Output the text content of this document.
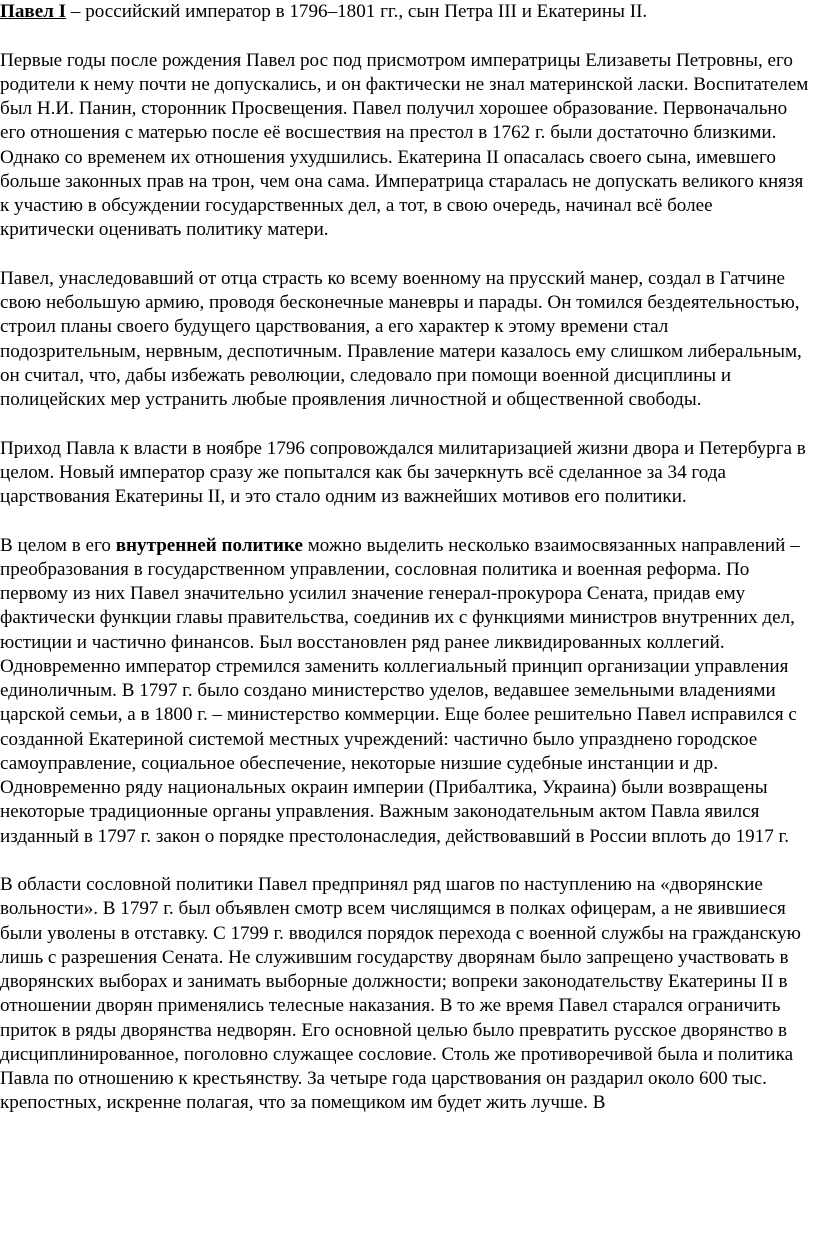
Павел I – российский император в 1796–1801 гг., сын Петра III и Екатерины II.

Первые годы после рождения Павел рос под присмотром императрицы Елизаветы Петровны, его родители к нему почти не допускались, и он фактически не знал материнской ласки. Воспитателем был Н.И. Панин, сторонник Просвещения. Павел получил хорошее образование. Первоначально его отношения с матерью после её восшествия на престол в 1762 г. были достаточно близкими. Однако со временем их отношения ухудшились. Екатерина II опасалась своего сына, имевшего больше законных прав на трон, чем она сама. Императрица старалась не допускать великого князя к участию в обсуждении государственных дел, а тот, в свою очередь, начинал всё более критически оценивать политику матери.

Павел, унаследовавший от отца страсть ко всему военному на прусский манер, создал в Гатчине свою небольшую армию, проводя бесконечные маневры и парады. Он томился бездеятельностью, строил планы своего будущего царствования, а его характер к этому времени стал подозрительным, нервным, деспотичным. Правление матери казалось ему слишком либеральным, он считал, что, дабы избежать революции, следовало при помощи военной дисциплины и полицейских мер устранить любые проявления личностной и общественной свободы.

Приход Павла к власти в ноябре 1796 сопровождался милитаризацией жизни двора и Петербурга в целом. Новый император сразу же попытался как бы зачеркнуть всё сделанное за 34 года царствования Екатерины II, и это стало одним из важнейших мотивов его политики.

В целом в его внутренней политике можно выделить несколько взаимосвязанных направлений – преобразования в государственном управлении, сословная политика и военная реформа. По первому из них Павел значительно усилил значение генерал-прокурора Сената, придав ему фактически функции главы правительства, соединив их с функциями министров внутренних дел, юстиции и частично финансов. Был восстановлен ряд ранее ликвидированных коллегий. Одновременно император стремился заменить коллегиальный принцип организации управления единоличным. В 1797 г. было создано министерство уделов, ведавшее земельными владениями царской семьи, а в 1800 г. – министерство коммерции. Еще более решительно Павел исправился с созданной Екатериной системой местных учреждений: частично было упразднено городское самоуправление, социальное обеспечение, некоторые низшие судебные инстанции и др. Одновременно ряду национальных окраин империи (Прибалтика, Украина) были возвращены некоторые традиционные органы управления. Важным законодательным актом Павла явился изданный в 1797 г. закон о порядке престолонаследия, действовавший в России вплоть до 1917 г.

В области сословной политики Павел предпринял ряд шагов по наступлению на «дворянские вольности». В 1797 г. был объявлен смотр всем числящимся в полках офицерам, а не явившиеся были уволены в отставку. С 1799 г. вводился порядок перехода с военной службы на гражданскую лишь с разрешения Сената. Не служившим государству дворянам было запрещено участвовать в дворянских выборах и занимать выборные должности; вопреки законодательству Екатерины II в отношении дворян применялись телесные наказания. В то же время Павел старался ограничить приток в ряды дворянства недворян. Его основной целью было превратить русское дворянство в дисциплинированное, поголовно служащее сословие. Столь же противоречивой была и политика Павла по отношению к крестьянству. За четыре года царствования он раздарил около 600 тыс. крепостных, искренне полагая, что за помещиком им будет жить лучше. В
